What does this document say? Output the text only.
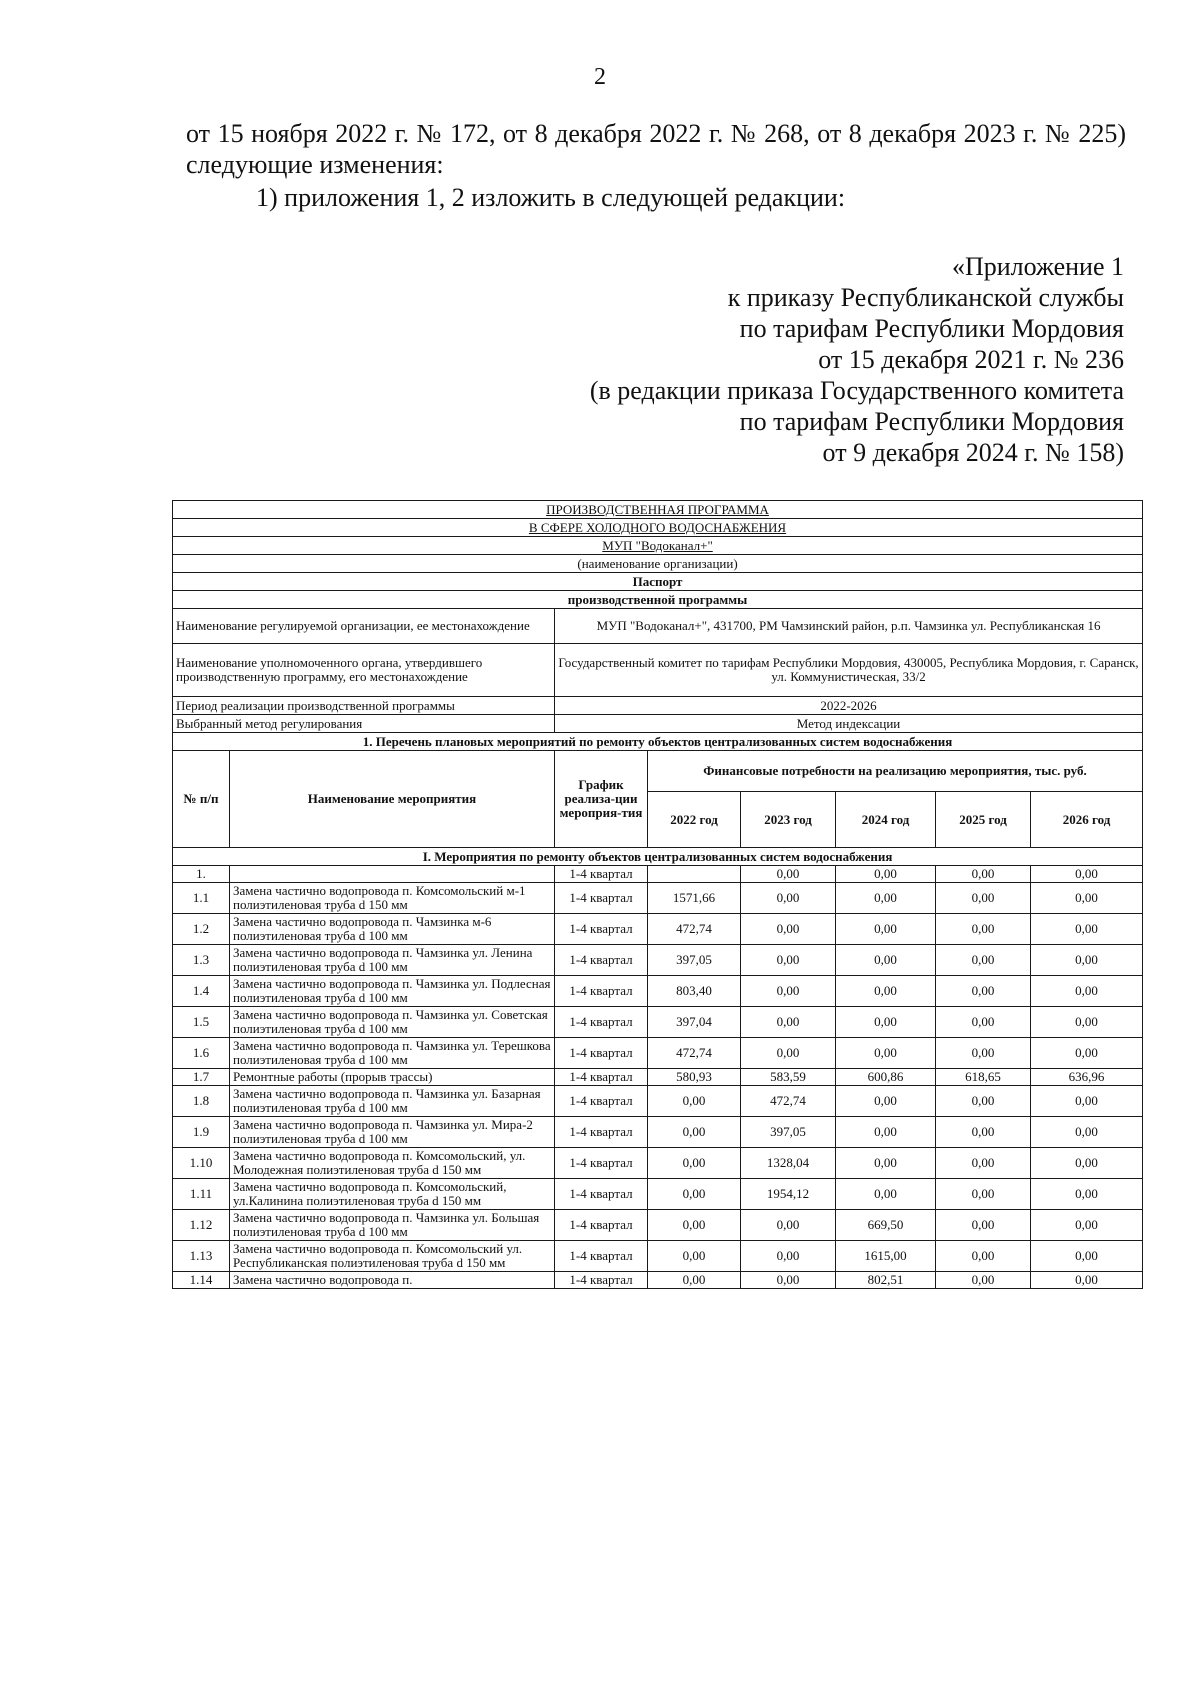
2

от 15 ноября 2022 г. № 172, от 8 декабря 2022 г. № 268, от 8 декабря 2023 г. № 225) следующие изменения:

1) приложения 1, 2 изложить в следующей редакции:

«Приложение 1
к приказу Республиканской службы
по тарифам Республики Мордовия
от 15 декабря 2021 г. № 236
(в редакции приказа Государственного комитета
по тарифам Республики Мордовия
от 9 декабря 2024 г. № 158)
ПРОИЗВОДСТВЕННАЯ ПРОГРАММА							
В СФЕРЕ ХОЛОДНОГО ВОДОСНАБЖЕНИЯ							
МУП "Водоканал+"							
(наименование организации)							
Паспорт							
производственной программы							
Наименование регулируемой организации, ее местонахождение		МУП "Водоканал+", 431700, РМ Чамзинский район, р.п. Чамзинка ул. Республиканская 16					
Наименование уполномоченного органа, утвердившего производственную программу, его местонахождение		Государственный комитет по тарифам Республики Мордовия, 430005, Республика Мордовия, г. Саранск, ул. Коммунистическая, 33/2					
Период реализации производственной программы		2022-2026					
Выбранный метод регулирования		Метод индексации					
1. Перечень плановых мероприятий по ремонту объектов централизованных систем водоснабжения							
№ п/п	Наименование мероприятия	График реализа-ции мероприя-тия	Финансовые потребности на реализацию мероприятия, тыс. руб.				
			2022 год	2023 год	2024 год	2025 год	2026 год
I. Мероприятия по ремонту объектов централизованных систем водоснабжения							
1.		1-4 квартал		0,00	0,00	0,00	0,00
1.1	Замена частично водопровода п. Комсомольский м-1 полиэтиленовая труба d 150 мм	1-4 квартал	1571,66	0,00	0,00	0,00	0,00
1.2	Замена частично водопровода п. Чамзинка м-6 полиэтиленовая труба d 100 мм	1-4 квартал	472,74	0,00	0,00	0,00	0,00
1.3	Замена частично водопровода п. Чамзинка ул. Ленина полиэтиленовая труба d 100 мм	1-4 квартал	397,05	0,00	0,00	0,00	0,00
1.4	Замена частично водопровода п. Чамзинка ул. Подлесная полиэтиленовая труба d 100 мм	1-4 квартал	803,40	0,00	0,00	0,00	0,00
1.5	Замена частично водопровода п. Чамзинка ул. Советская полиэтиленовая труба d 100 мм	1-4 квартал	397,04	0,00	0,00	0,00	0,00
1.6	Замена частично водопровода п. Чамзинка ул. Терешкова полиэтиленовая труба d 100 мм	1-4 квартал	472,74	0,00	0,00	0,00	0,00
1.7	Ремонтные работы (прорыв трассы)	1-4 квартал	580,93	583,59	600,86	618,65	636,96
1.8	Замена частично водопровода п. Чамзинка ул. Базарная полиэтиленовая труба d 100 мм	1-4 квартал	0,00	472,74	0,00	0,00	0,00
1.9	Замена частично водопровода п. Чамзинка ул. Мира-2 полиэтиленовая труба d 100 мм	1-4 квартал	0,00	397,05	0,00	0,00	0,00
1.10	Замена частично водопровода п. Комсомольский, ул. Молодежная полиэтиленовая труба d 150 мм	1-4 квартал	0,00	1328,04	0,00	0,00	0,00
1.11	Замена частично водопровода п. Комсомольский, ул.Калинина полиэтиленовая труба d 150 мм	1-4 квартал	0,00	1954,12	0,00	0,00	0,00
1.12	Замена частично водопровода п. Чамзинка ул. Большая полиэтиленовая труба d 100 мм	1-4 квартал	0,00	0,00	669,50	0,00	0,00
1.13	Замена частично водопровода п. Комсомольский ул. Республиканская полиэтиленовая труба d 150 мм	1-4 квартал	0,00	0,00	1615,00	0,00	0,00
1.14	Замена частично водопровода п.	1-4 квартал	0,00	0,00	802,51	0,00	0,00
